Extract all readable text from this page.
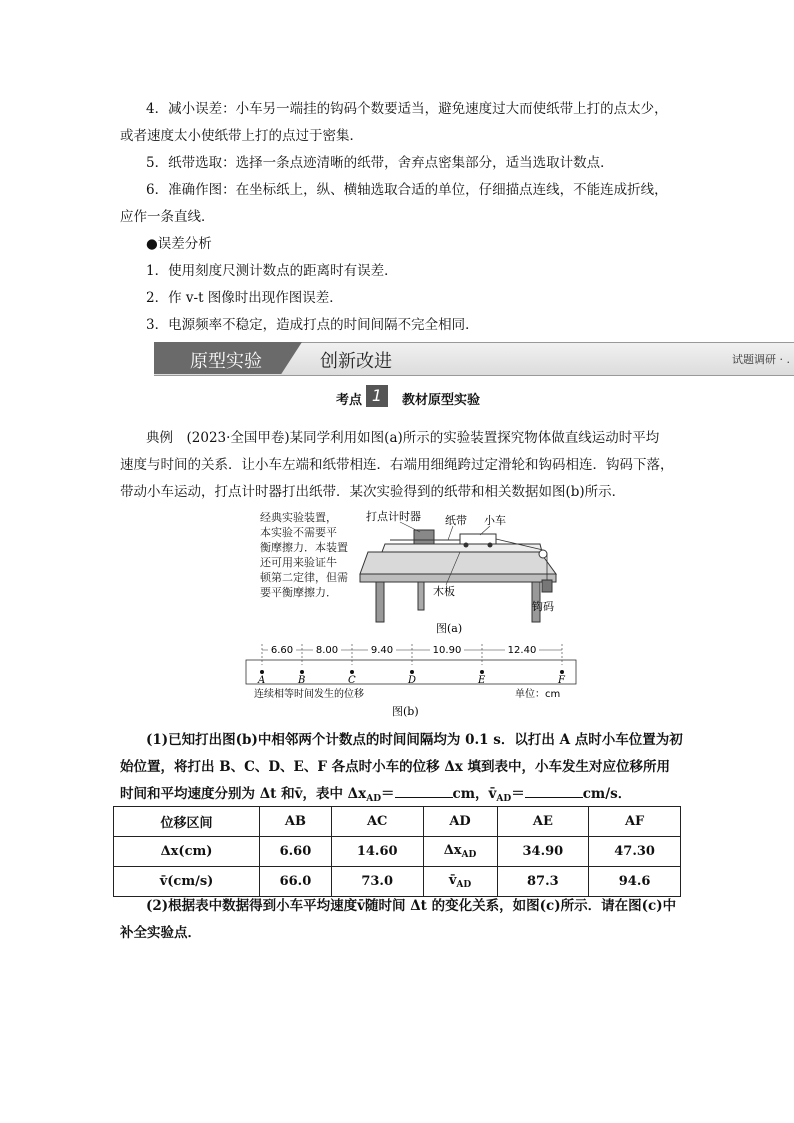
4．减小误差：小车另一端挂的钩码个数要适当，避免速度过大而使纸带上打的点太少，
或者速度太小使纸带上打的点过于密集．
5．纸带选取：选择一条点迹清晰的纸带，舍弃点密集部分，适当选取计数点．
6．准确作图：在坐标纸上，纵、横轴选取合适的单位，仔细描点连线，不能连成折线，
应作一条直线．
●误差分析
1．使用刻度尺测计数点的距离时有误差．
2．作 v-t 图像时出现作图误差．
3．电源频率不稳定，造成打点的时间间隔不完全相同．
原型实验	创新改进	试题调研 · .
考点 1	教材原型实验
典例　(2023·全国甲卷)某同学利用如图(a)所示的实验装置探究物体做直线运动时平均
速度与时间的关系．让小车左端和纸带相连．右端用细绳跨过定滑轮和钩码相连．钩码下落，
带动小车运动，打点计时器打出纸带．某次实验得到的纸带和相关数据如图(b)所示．
经典实验装置，
本实验不需要平
衡摩擦力．本装置
还可用来验证牛
顿第二定律，但需
要平衡摩擦力．
打点计时器 纸带 小车
木板
钩码
图(a)
A	B	C	D	E	F
6.60 8.00	9.40	10.90	12.40
连续相等时间发生的位移	单位：cm
图(b)
(1)已知打出图(b)中相邻两个计数点的时间间隔均为 0.1 s．以打出 A 点时小车位置为初
始位置，将打出 B、C、D、E、F 各点时小车的位移 Δx 填到表中，小车发生对应位移所用
时间和平均速度分别为 Δt 和v̄，表中 $\Delta x_{AD}=$	cm，$v̄_{AD}=$	cm/s．
位移区间	AB	AC	AD	AE	AF
Δx(cm)	6.60	14.60	$\Delta x_{AD}$	34.90	47.30
v̄(cm/s)	66.0	73.0	$v̄_{AD}$	87.3	94.6
(2)根据表中数据得到小车平均速度v̄随时间 Δt 的变化关系，如图(c)所示．请在图(c)中
补全实验点．
